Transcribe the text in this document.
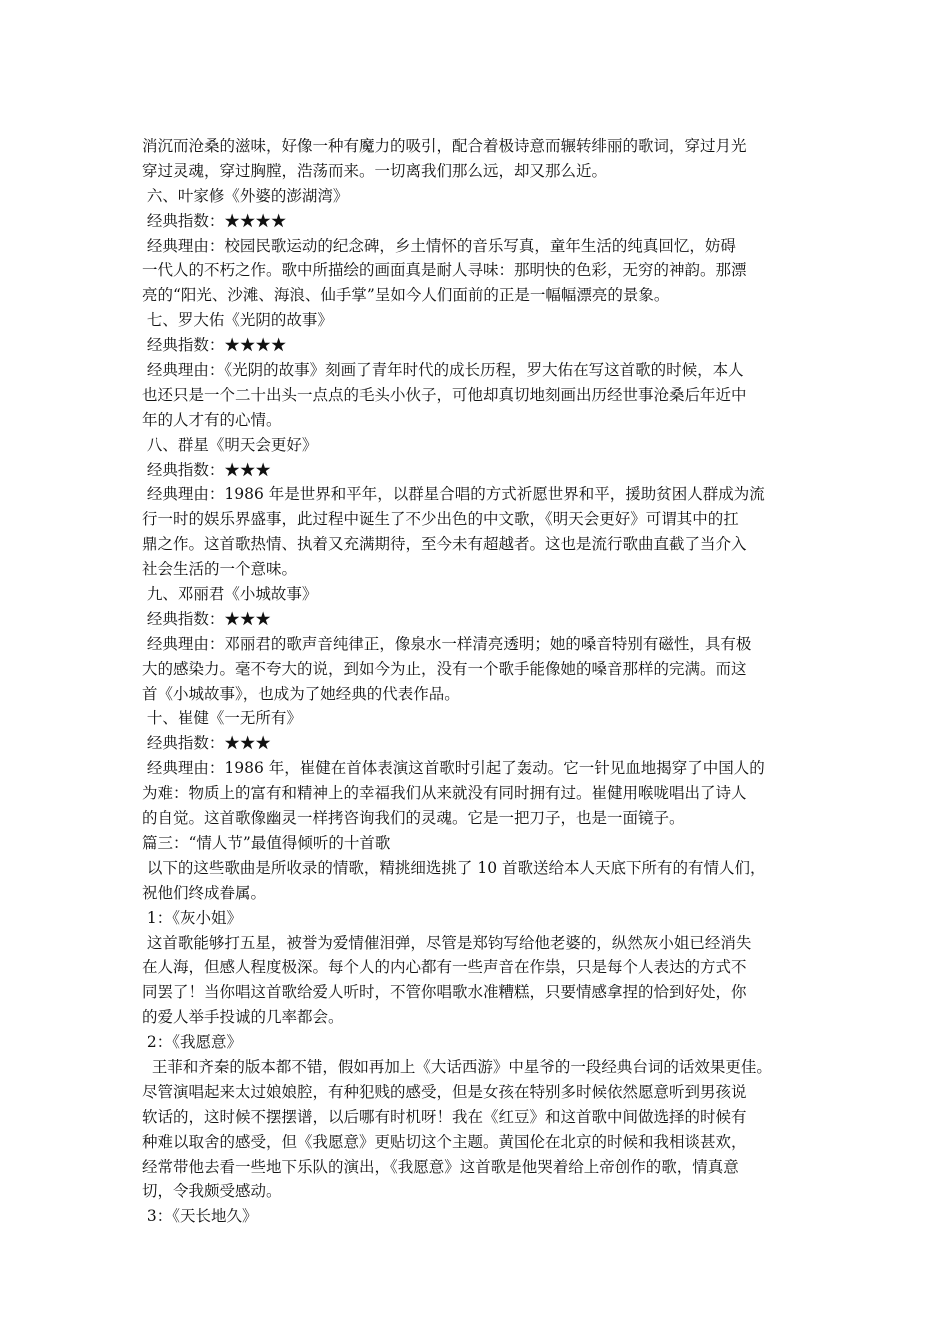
消沉而沧桑的滋味，好像一种有魔力的吸引，配合着极诗意而辗转绯丽的歌词，穿过月光
穿过灵魂，穿过胸膛，浩荡而来。一切离我们那么远，却又那么近。
六、叶家修《外婆的澎湖湾》
经典指数：★★★★
经典理由：校园民歌运动的纪念碑，乡土情怀的音乐写真，童年生活的纯真回忆，妨碍
一代人的不朽之作。歌中所描绘的画面真是耐人寻味：那明快的色彩，无穷的神韵。那漂
亮的“阳光、沙滩、海浪、仙手掌”呈如今人们面前的正是一幅幅漂亮的景象。
七、罗大佑《光阴的故事》
经典指数：★★★★
经典理由：《光阴的故事》刻画了青年时代的成长历程，罗大佑在写这首歌的时候，本人
也还只是一个二十出头一点点的毛头小伙子，可他却真切地刻画出历经世事沧桑后年近中
年的人才有的心情。
八、群星《明天会更好》
经典指数：★★★
经典理由：1986 年是世界和平年，以群星合唱的方式祈愿世界和平，援助贫困人群成为流
行一时的娱乐界盛事，此过程中诞生了不少出色的中文歌，《明天会更好》可谓其中的扛
鼎之作。这首歌热情、执着又充满期待，至今未有超越者。这也是流行歌曲直截了当介入
社会生活的一个意味。
九、邓丽君《小城故事》
经典指数：★★★
经典理由：邓丽君的歌声音纯律正，像泉水一样清亮透明；她的嗓音特别有磁性，具有极
大的感染力。毫不夸大的说，到如今为止，没有一个歌手能像她的嗓音那样的完满。而这
首《小城故事》，也成为了她经典的代表作品。
十、崔健《一无所有》
经典指数：★★★
经典理由：1986 年，崔健在首体表演这首歌时引起了轰动。它一针见血地揭穿了中国人的
为难：物质上的富有和精神上的幸福我们从来就没有同时拥有过。崔健用喉咙唱出了诗人
的自觉。这首歌像幽灵一样拷咨询我们的灵魂。它是一把刀子，也是一面镜子。
篇三：“情人节”最值得倾听的十首歌
以下的这些歌曲是所收录的情歌，精挑细选挑了 10 首歌送给本人天底下所有的有情人们，
祝他们终成眷属。
1：《灰小姐》
这首歌能够打五星，被誉为爱情催泪弹，尽管是郑钧写给他老婆的，纵然灰小姐已经消失
在人海，但感人程度极深。每个人的内心都有一些声音在作祟，只是每个人表达的方式不
同罢了！当你唱这首歌给爱人听时，不管你唱歌水准糟糕，只要情感拿捏的恰到好处，你
的爱人举手投诚的几率都会。
2：《我愿意》
王菲和齐秦的版本都不错，假如再加上《大话西游》中星爷的一段经典台词的话效果更佳。
尽管演唱起来太过娘娘腔，有种犯贱的感受，但是女孩在特别多时候依然愿意听到男孩说
软话的，这时候不摆摆谱，以后哪有时机呀！我在《红豆》和这首歌中间做选择的时候有
种难以取舍的感受，但《我愿意》更贴切这个主题。黄国伦在北京的时候和我相谈甚欢，
经常带他去看一些地下乐队的演出，《我愿意》这首歌是他哭着给上帝创作的歌，情真意
切，令我颇受感动。
3：《天长地久》
